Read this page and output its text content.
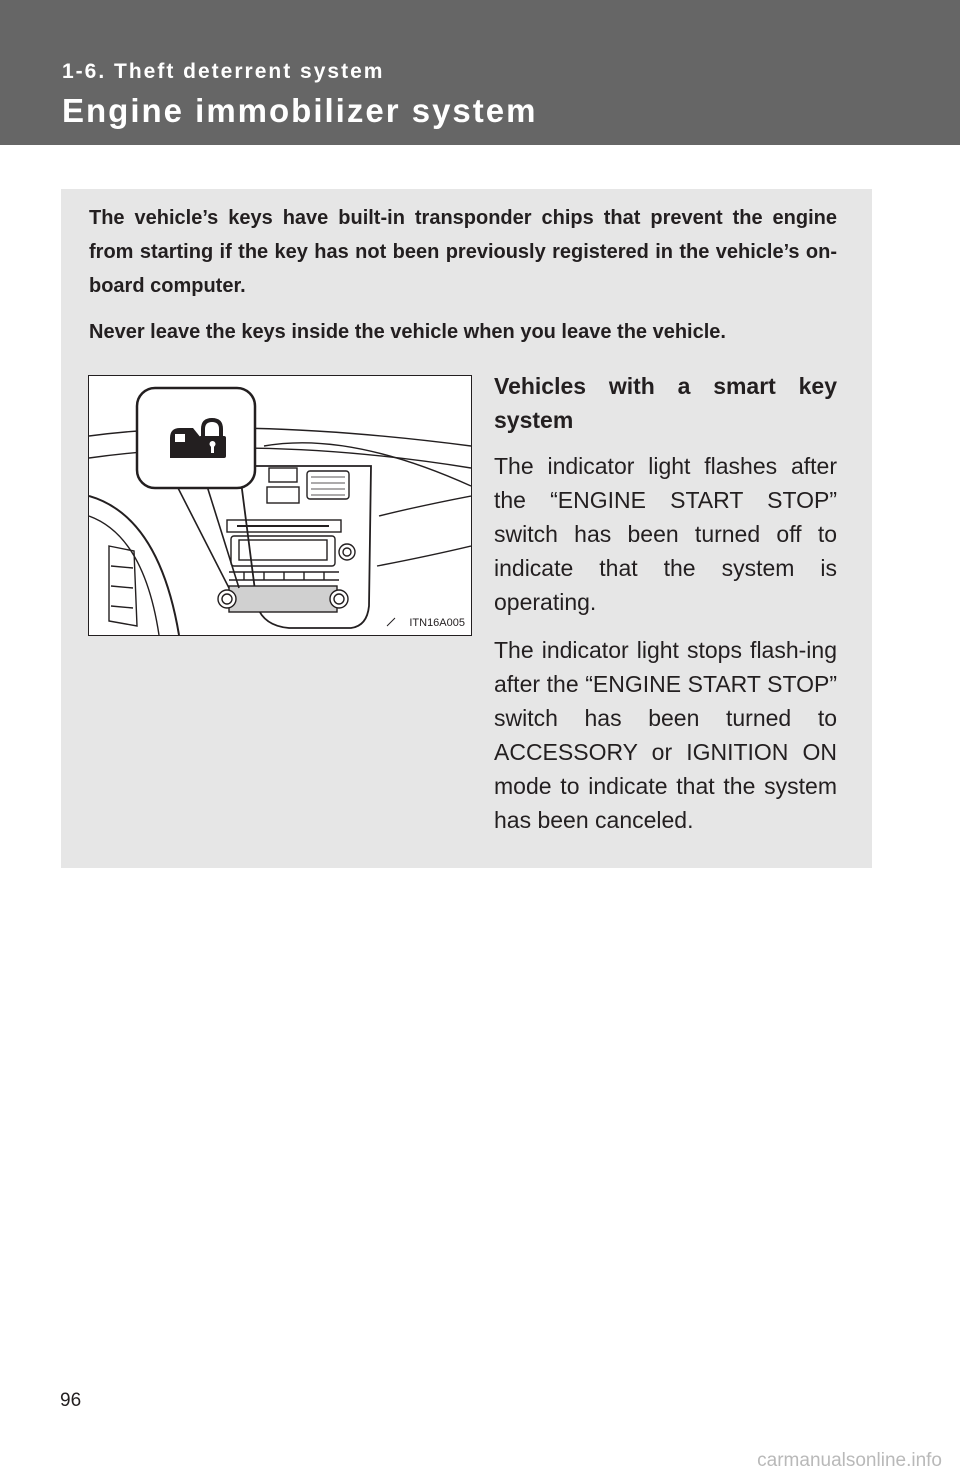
1-6. Theft deterrent system
Engine immobilizer system

The vehicle’s keys have built-in transponder chips that prevent the engine from starting if the key has not been previously registered in the vehicle’s on-board computer.

Never leave the keys inside the vehicle when you leave the vehicle.

ITN16A005

Vehicles with a smart key system

The indicator light flashes after the “ENGINE START STOP” switch has been turned off to indicate that the system is operating.

The indicator light stops flash-ing after the “ENGINE START STOP” switch has been turned to ACCESSORY or IGNITION ON mode to indicate that the system has been canceled.

96
carmanualsonline.info
